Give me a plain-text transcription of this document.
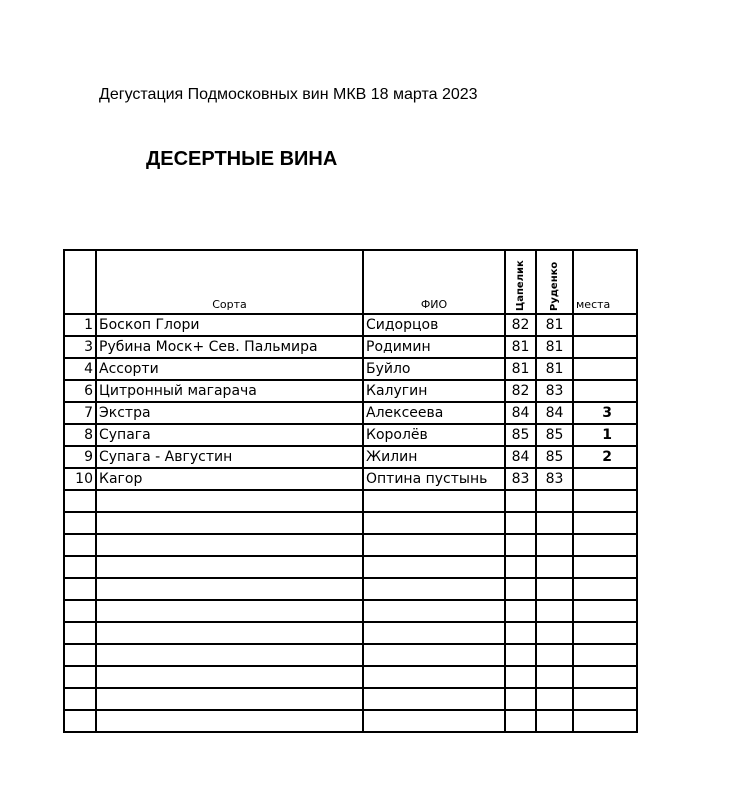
Дегустация Подмосковных вин МКВ 18 марта 2023
ДЕСЕРТНЫЕ ВИНА
	Сорта	ФИО	Цапелик	Руденко	места
1	Боскоп Глори	Сидорцов	82	81	
3	Рубина Моск+ Сев. Пальмира	Родимин	81	81	
4	Ассорти	Буйло	81	81	
6	Цитронный магарача	Калугин	82	83	
7	Экстра	Алексеева	84	84	3
8	Супага	Королёв	85	85	1
9	Супага - Августин	Жилин	84	85	2
10	Кагор	Оптина пустынь	83	83	
